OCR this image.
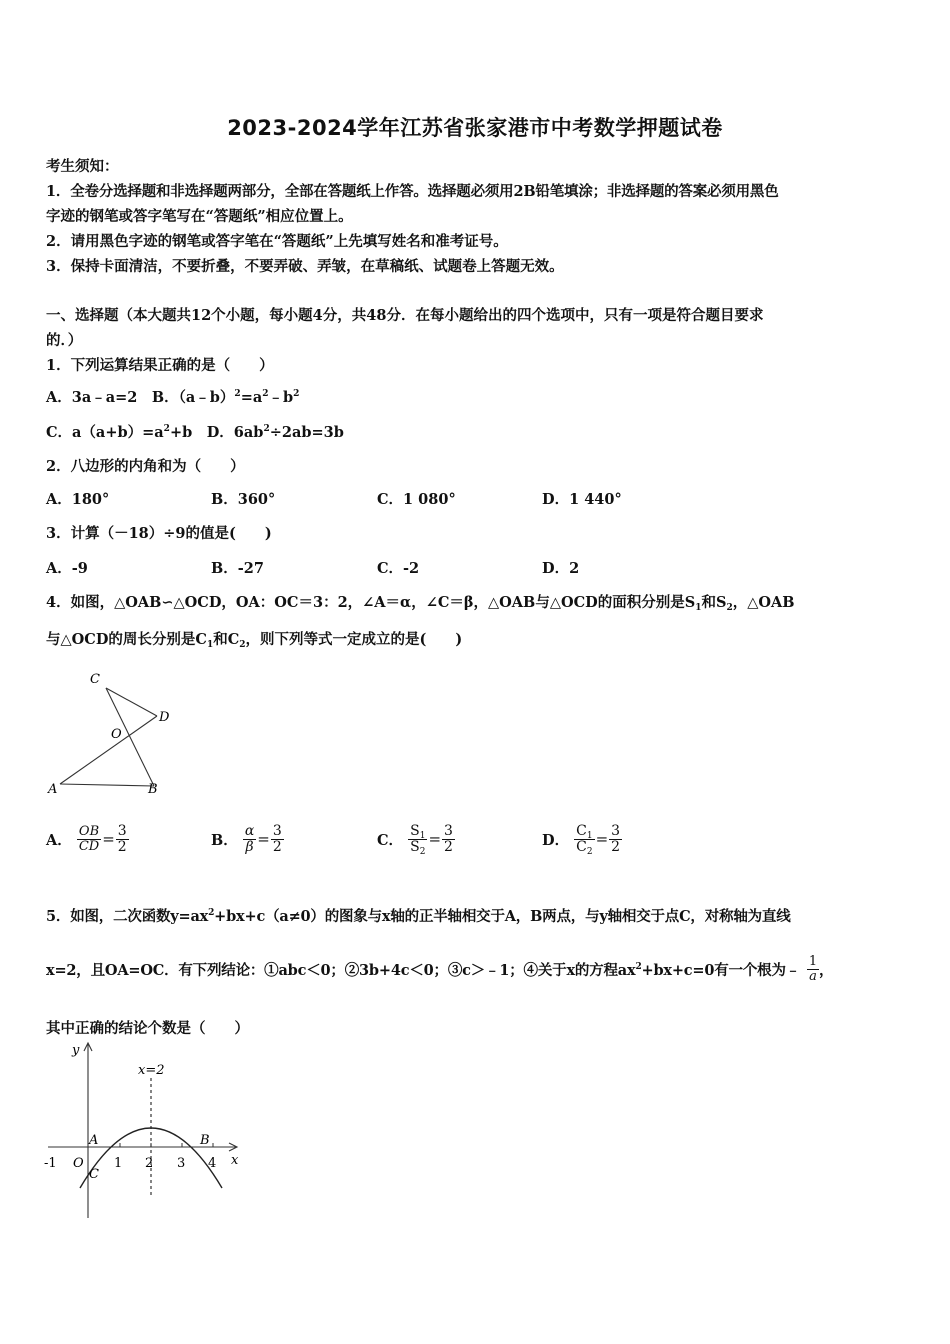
2023-2024学年江苏省张家港市中考数学押题试卷
考生须知：
1．全卷分选择题和非选择题两部分，全部在答题纸上作答。选择题必须用2B铅笔填涂；非选择题的答案必须用黑色
字迹的钢笔或答字笔写在“答题纸”相应位置上。
2．请用黑色字迹的钢笔或答字笔在“答题纸”上先填写姓名和准考证号。
3．保持卡面清洁，不要折叠，不要弄破、弄皱，在草稿纸、试题卷上答题无效。
一、选择题（本大题共12个小题，每小题4分，共48分．在每小题给出的四个选项中，只有一项是符合题目要求
的．）
1．下列运算结果正确的是（　　）
A．3a﹣a=2　B．$(a﹣b)^2=a^2﹣b^2$
C．$a(a+b)=a^2+b$　D．$6ab^2\div 2ab=3b$
2．八边形的内角和为（　　）
A．180°	B．360°	C．1 080°	D．1 440°
3．计算（－18）÷9的值是(　　)
A．-9	B．-27	C．-2	D．2
4．如图，△OAB∽△OCD，OA：OC＝3：2，∠A＝α，∠C＝β，△OAB与△OCD的面积分别是$S_1$和$S_2$，△OAB
与△OCD的周长分别是$C_1$和$C_2$，则下列等式一定成立的是(　　)
C
D
O
A	B
A． $\frac{OB}{CD} = \frac{3}{2}$	B． $\frac{\alpha}{\beta} = \frac{3}{2}$	C． $\frac{S_1}{S_2} = \frac{3}{2}$	D． $\frac{C_1}{C_2} = \frac{3}{2}$
5．如图，二次函数$y=ax^2+bx+c(a\ne 0)$的图象与x轴的正半轴相交于A，B两点，与y轴相交于点C，对称轴为直线
x=2，且OA=OC．有下列结论：①abc＜0；②3b+4c＜0；③c＞﹣1；④关于x的方程$ax^2+bx+c=0$有一个根为﹣ $\frac{1}{a}$ ，
其中正确的结论个数是（　　）
y
x
x=2
A	B
C
O
-1	1 2 3 4
